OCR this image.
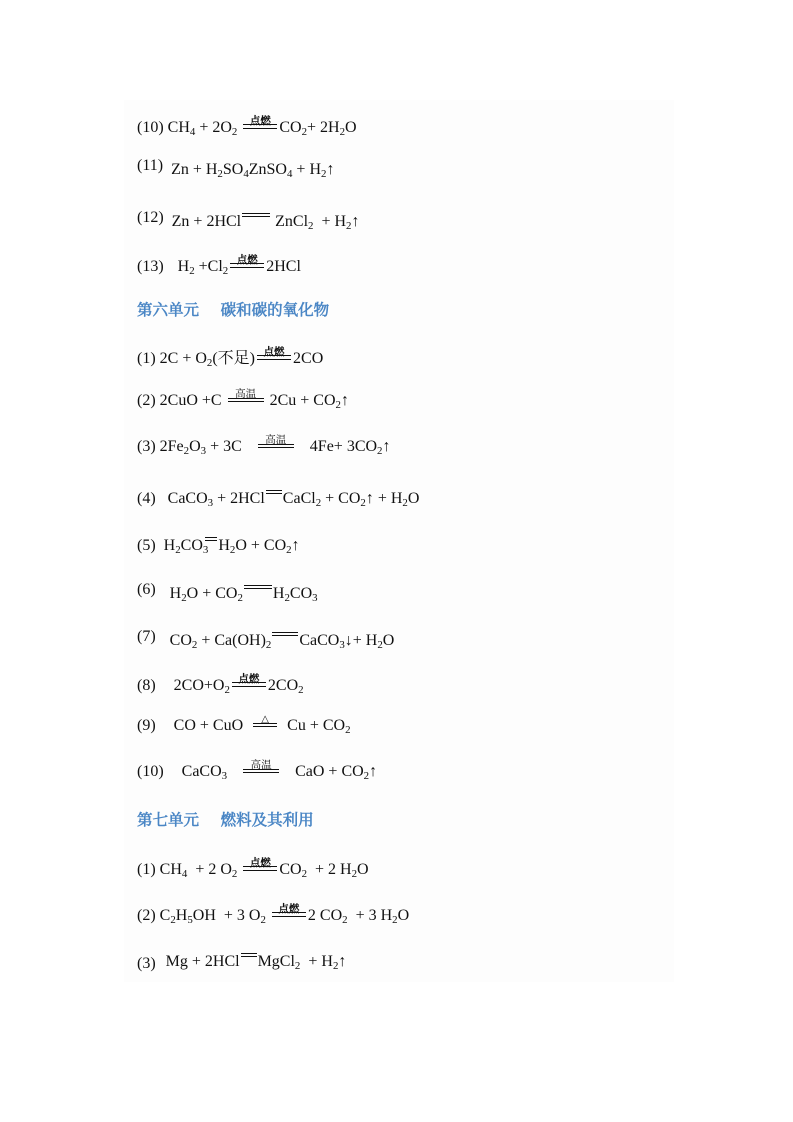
(10) $CH_4 + 2O_2$
点燃 $CO_2+ 2H_2O$
(11) $Zn + H_2SO_4ZnSO_4$ + $H_2↑$
(12) Zn + 2HCl ZnCl$_2$  + $H_2↑$
(13) $H_2 +Cl_2$
点燃 2HCl
第六单元    碳和碳的氧化物
(1) $2C + O_2$(不足) 点燃 2CO
(2) 2CuO +C	高温 $2Cu + CO_2↑$
(3) $2Fe_2O_3 + 3C$	高温	$4Fe+ 3CO_2↑$
(4) CaCO$_3$ + 2HCl CaCl$_2$ + $CO_2↑ + H_2O$
(5) $H_2CO_3$ $H_2O$ + $CO_2↑$
(6) $H_2O + CO_2$ $H_2CO_3$
(7) $CO_2 + Ca(OH)_2$ CaCO$_3$↓+ $H_2O$
(8) $2CO+O_2$
点燃 $2CO_2$
(9) CO + CuO	△	$Cu + CO_2$
(10) CaCO$_3$
高温	CaO + $CO_2↑$
第七单元    燃料及其利用
(1) $CH_4 + 2$ $O_2$
点燃 $CO_2 + 2$ $H_2O$
(2) $C_2H_5OH + 3$ $O_2$
点燃 2 $CO_2 + 3$ $H_2O$
(3) Mg + 2HCl MgCl$_2$  + $H_2↑$
